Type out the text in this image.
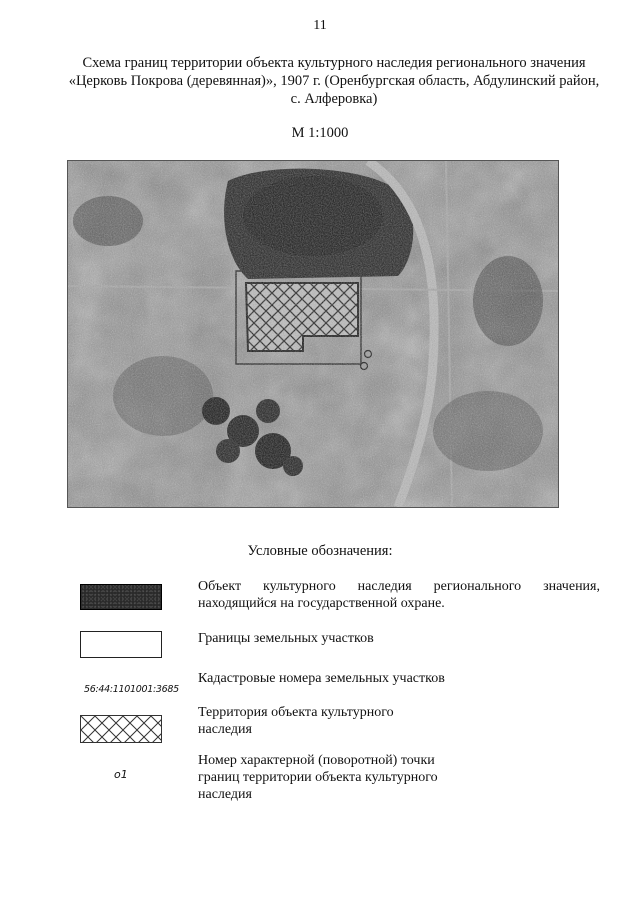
11
Схема границ территории объекта культурного наследия регионального значения «Церковь Покрова (деревянная)», 1907 г. (Оренбургская область, Абдулинский район, с. Алферовка)
М 1:1000
Условные обозначения:
Объект культурного наследия регионального значения, находящийся на государственной охране.
Границы земельных участков
56:44:1101001:3685
Кадастровые номера земельных участков
Территория объекта культурного наследия
о1
Номер характерной (поворотной) точки границ территории объекта культурного наследия
